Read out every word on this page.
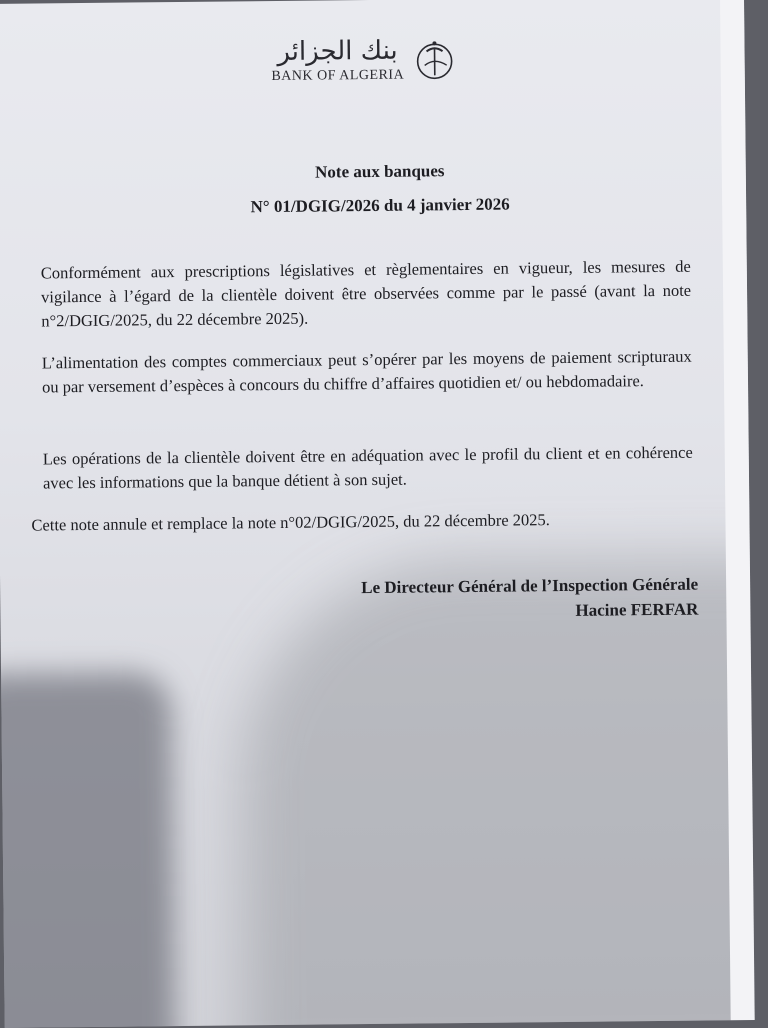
بنك الجزائر
BANK OF ALGERIA
Note aux banques
N° 01/DGIG/2026 du 4 janvier 2026
Conformément aux prescriptions législatives et règlementaires en vigueur, les mesures de vigilance à l’égard de la clientèle doivent être observées comme par le passé (avant la note n°2/DGIG/2025, du 22 décembre 2025).
L’alimentation des comptes commerciaux peut s’opérer par les moyens de paiement scripturaux ou par versement d’espèces à concours du chiffre d’affaires quotidien et/ ou hebdomadaire.
Les opérations de la clientèle doivent être en adéquation avec le profil du client et en cohérence avec les informations que la banque détient à son sujet.
Cette note annule et remplace la note n°02/DGIG/2025, du 22 décembre 2025.
Le Directeur Général de l’Inspection Générale
Hacine FERFAR
